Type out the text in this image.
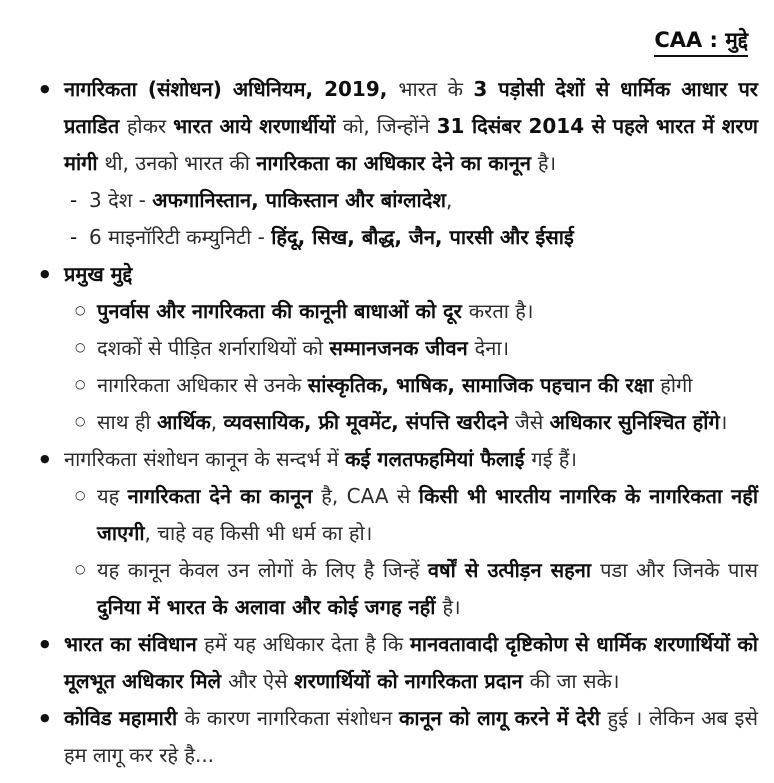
CAA : मुद्दे
● नागरिकता (संशोधन) अधिनियम, 2019, भारत के 3 पड़ोसी देशों से धार्मिक आधार पर प्रताडित होकर भारत आये शरणार्थीयों को, जिन्होंने 31 दिसंबर 2014 से पहले भारत में शरण मांगी थी, उनको भारत की नागरिकता का अधिकार देने का कानून है।
- 3 देश - अफगानिस्तान, पाकिस्तान और बांग्लादेश,
- 6 माइनॉरिटी कम्युनिटी - हिंदू, सिख, बौद्ध, जैन, पारसी और ईसाई
● प्रमुख मुद्दे
○ पुनर्वास और नागरिकता की कानूनी बाधाओं को दूर करता है।
○ दशकों से पीड़ित शर्नाराथियों को सम्मानजनक जीवन देना।
○ नागरिकता अधिकार से उनके सांस्कृतिक, भाषिक, सामाजिक पहचान की रक्षा होगी
○ साथ ही आर्थिक, व्यवसायिक, फ्री मूवमेंट, संपत्ति खरीदने जैसे अधिकार सुनिश्चित होंगे।
● नागरिकता संशोधन कानून के सन्दर्भ में कई गलतफहमियां फैलाई गई हैं।
○ यह नागरिकता देने का कानून है, CAA से किसी भी भारतीय नागरिक के नागरिकता नहीं जाएगी, चाहे वह किसी भी धर्म का हो।
○ यह कानून केवल उन लोगों के लिए है जिन्हें वर्षों से उत्पीड़न सहना पडा और जिनके पास दुनिया में भारत के अलावा और कोई जगह नहीं है।
● भारत का संविधान हमें यह अधिकार देता है कि मानवतावादी दृष्टिकोण से धार्मिक शरणार्थियों को मूलभूत अधिकार मिले और ऐसे शरणार्थियों को नागरिकता प्रदान की जा सके।
● कोविड महामारी के कारण नागरिकता संशोधन कानून को लागू करने में देरी हुई । लेकिन अब इसे हम लागू कर रहे है...
